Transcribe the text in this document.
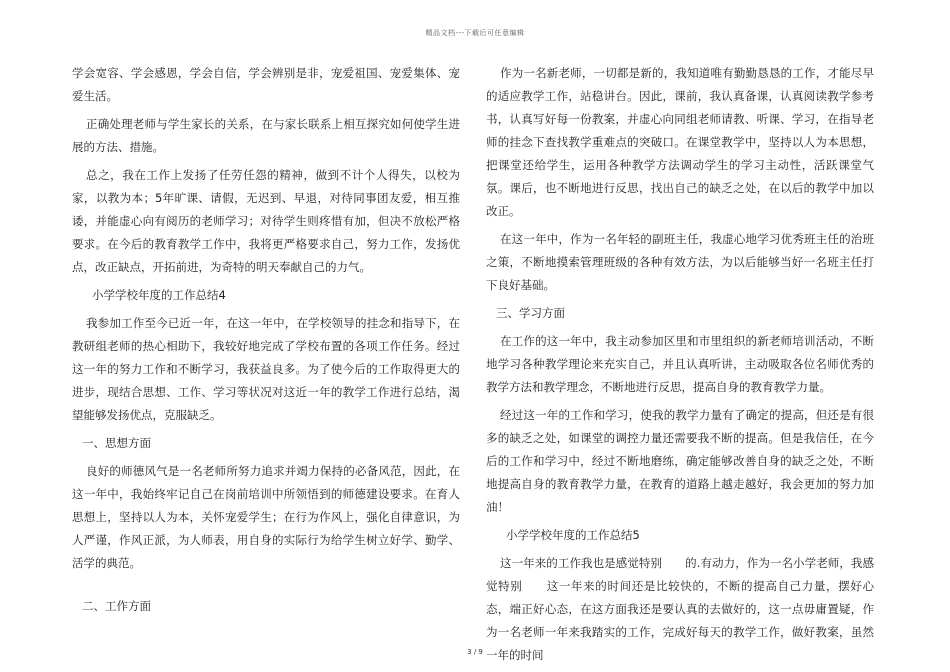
精品文档---下载后可任意编辑

学会宽容、学会感恩，学会自信，学会辨别是非，宠爱祖国、宠爱集体、宠爱生活。

正确处理老师与学生家长的关系，在与家长联系上相互探究如何使学生进展的方法、措施。

总之，我在工作上发扬了任劳任怨的精神，做到不计个人得失，以校为家，以教为本；5年旷课、请假，无迟到、早退，对待同事团友爱，相互推诿，并能虚心向有阅历的老师学习；对待学生则疼惜有加，但决不放松严格要求。在今后的教育教学工作中，我将更严格要求自己，努力工作，发扬优点，改正缺点，开拓前进，为奇特的明天奉献自己的力气。

小学学校年度的工作总结4

我参加工作至今已近一年，在这一年中，在学校领导的挂念和指导下，在教研组老师的热心相助下，我较好地完成了学校布置的各项工作任务。经过这一年的努力工作和不断学习，我获益良多。为了使今后的工作取得更大的进步，现结合思想、工作、学习等状况对这近一年的教学工作进行总结，渴望能够发扬优点，克服缺乏。

一、思想方面

良好的师德风气是一名老师所努力追求并竭力保持的必备风范，因此，在这一年中，我始终牢记自己在岗前培训中所领悟到的师德建设要求。在育人思想上，坚持以人为本，关怀宠爱学生；在行为作风上，强化自律意识，为人严谨，作风正派，为人师表，用自身的实际行为给学生树立好学、勤学、活学的典范。

二、工作方面

作为一名新老师，一切都是新的，我知道唯有勤勤恳恳的工作，才能尽早的适应教学工作，站稳讲台。因此，课前，我认真备课，认真阅读教学参考书，认真写好每一份教案，并虚心向同组老师请教、听课、学习，在指导老师的挂念下查找教学重难点的突破口。在课堂教学中，坚持以人为本思想，把课堂还给学生，运用各种教学方法调动学生的学习主动性，活跃课堂气氛。课后，也不断地进行反思，找出自己的缺乏之处，在以后的教学中加以改正。

在这一年中，作为一名年轻的副班主任，我虚心地学习优秀班主任的治班之策，不断地摸索管理班级的各种有效方法，为以后能够当好一名班主任打下良好基础。

三、学习方面

在工作的这一年中，我主动参加区里和市里组织的新老师培训活动，不断地学习各种教学理论来充实自己，并且认真听讲，主动吸取各位名师优秀的教学方法和教学理念，不断地进行反思，提高自身的教育教学力量。

经过这一年的工作和学习，使我的教学力量有了确定的提高，但还是有很多的缺乏之处，如课堂的调控力量还需要我不断的提高。但是我信任，在今后的工作和学习中，经过不断地磨练，确定能够改善自身的缺乏之处，不断地提高自身的教育教学力量，在教育的道路上越走越好，我会更加的努力加油！

小学学校年度的工作总结5

这一年来的工作我也是感觉特别　　的.有动力，作为一名小学老师，我感觉特别　　这一年来的时间还是比较快的，不断的提高自己力量，摆好心态，端正好心态，在这方面我还是要认真的去做好的，这一点毋庸置疑，作为一名老师一年来我踏实的工作，完成好每天的教学工作，做好教案，虽然一年的时间

3 / 9
